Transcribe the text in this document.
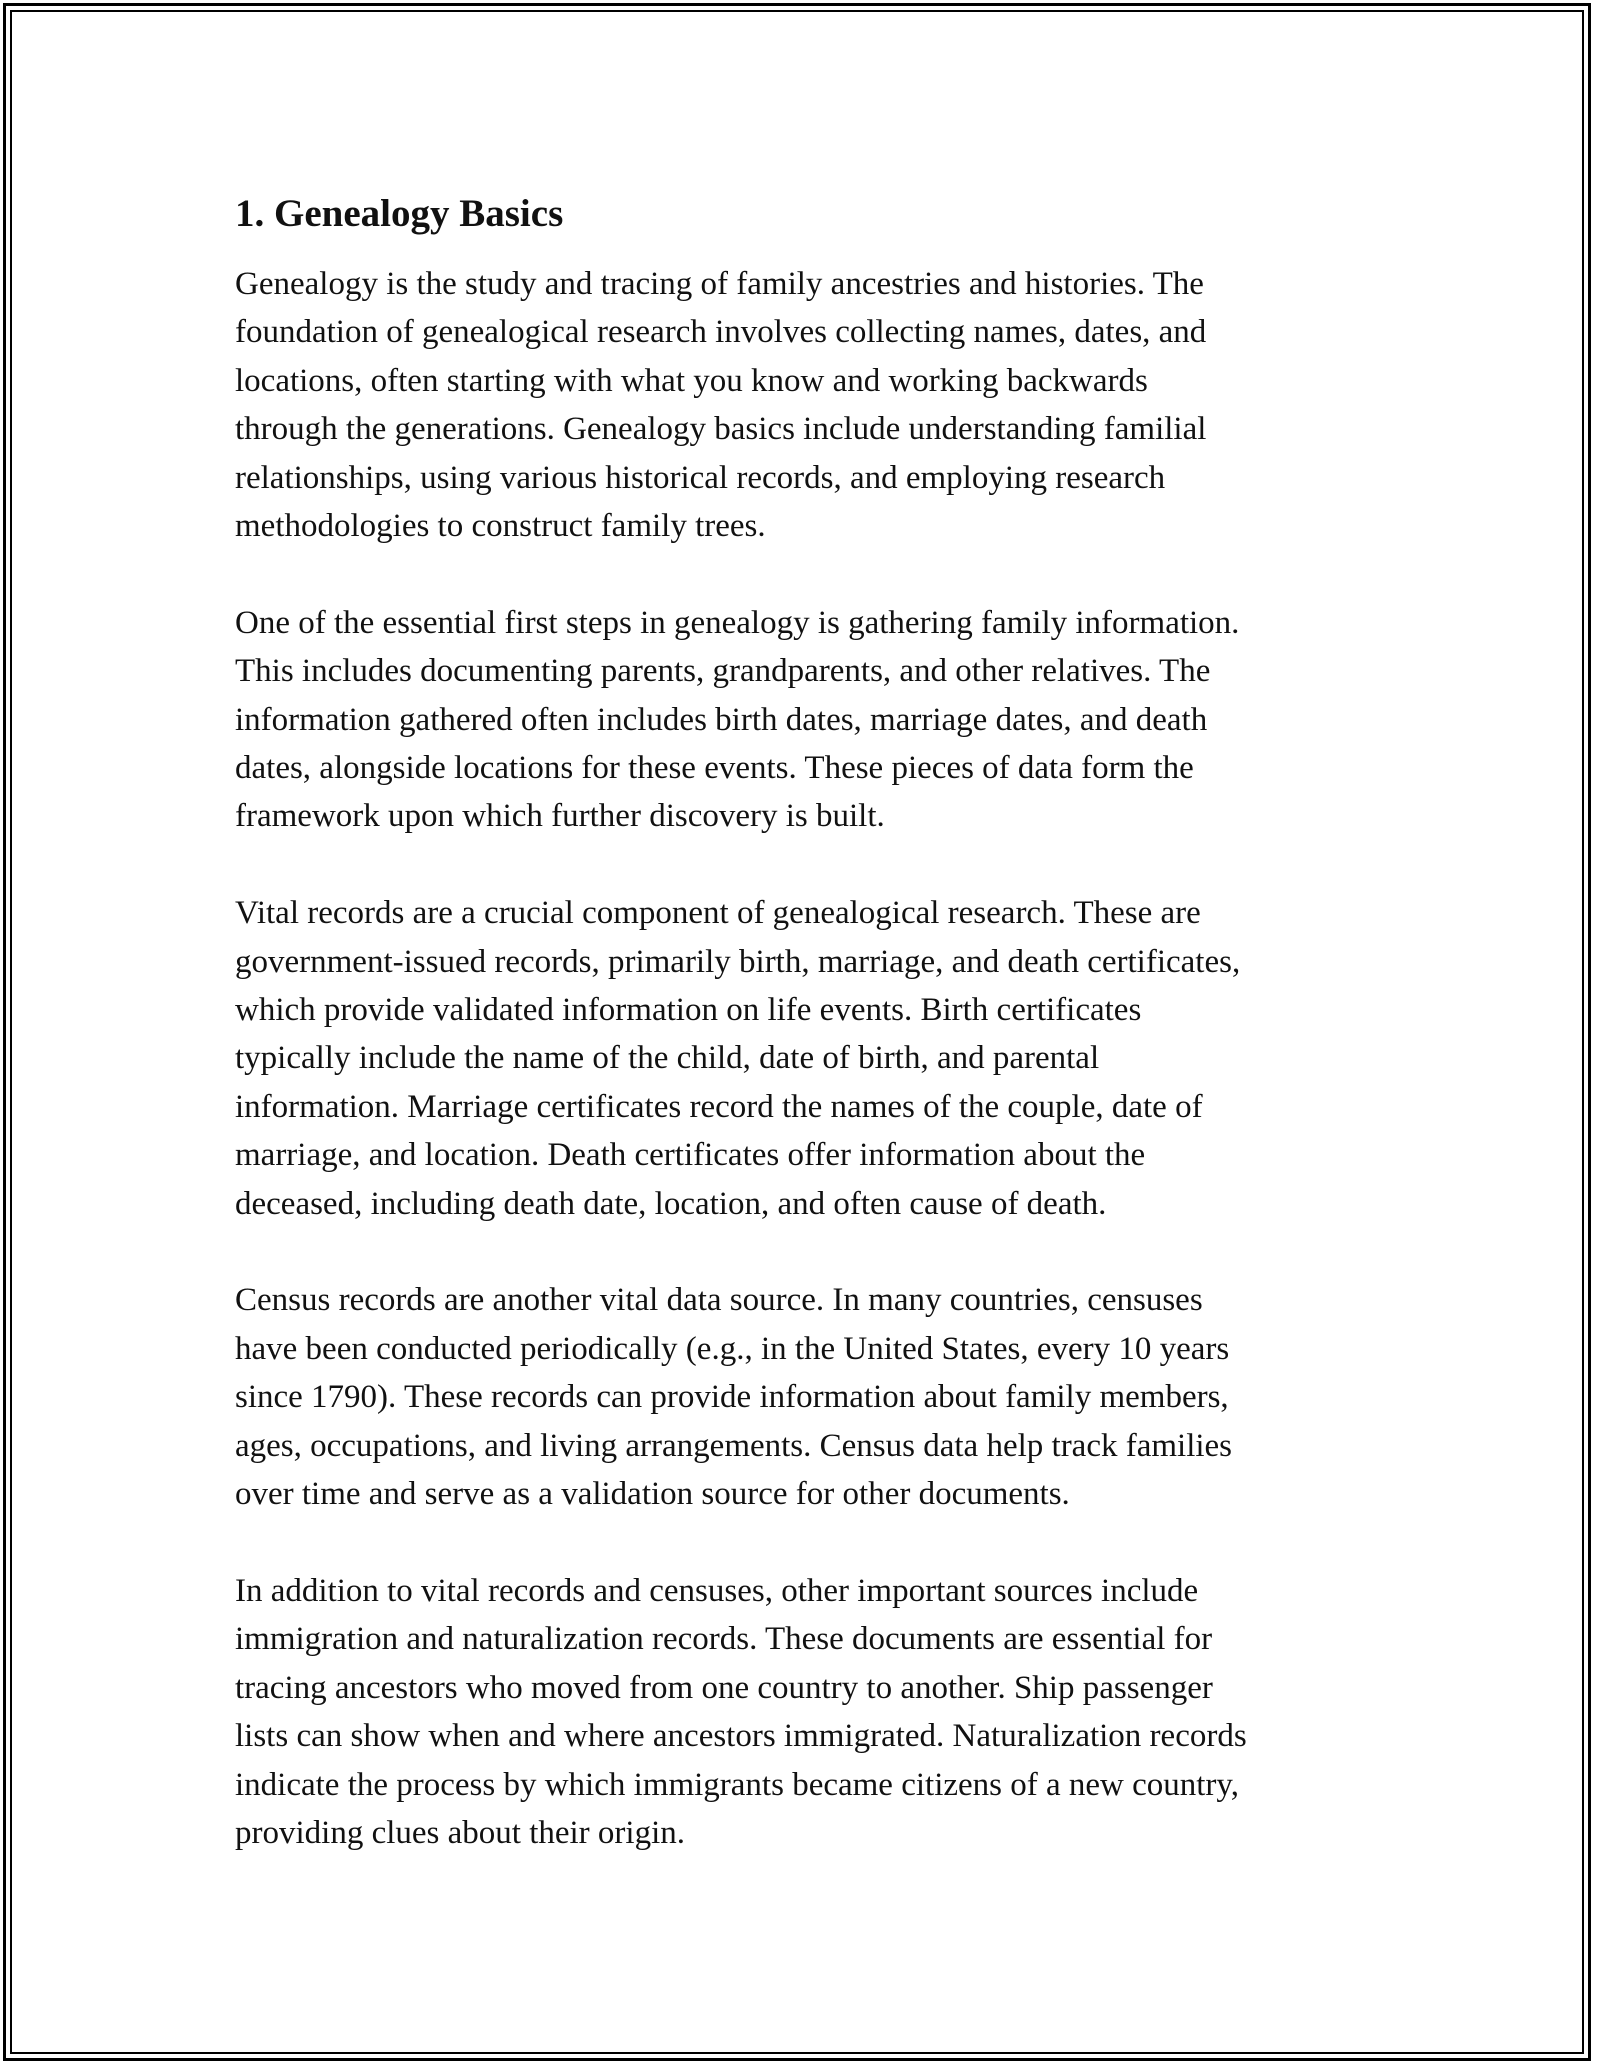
1. Genealogy Basics

Genealogy is the study and tracing of family ancestries and histories. The
foundation of genealogical research involves collecting names, dates, and
locations, often starting with what you know and working backwards
through the generations. Genealogy basics include understanding familial
relationships, using various historical records, and employing research
methodologies to construct family trees.

One of the essential first steps in genealogy is gathering family information.
This includes documenting parents, grandparents, and other relatives. The
information gathered often includes birth dates, marriage dates, and death
dates, alongside locations for these events. These pieces of data form the
framework upon which further discovery is built.

Vital records are a crucial component of genealogical research. These are
government-issued records, primarily birth, marriage, and death certificates,
which provide validated information on life events. Birth certificates
typically include the name of the child, date of birth, and parental
information. Marriage certificates record the names of the couple, date of
marriage, and location. Death certificates offer information about the
deceased, including death date, location, and often cause of death.

Census records are another vital data source. In many countries, censuses
have been conducted periodically (e.g., in the United States, every 10 years
since 1790). These records can provide information about family members,
ages, occupations, and living arrangements. Census data help track families
over time and serve as a validation source for other documents.

In addition to vital records and censuses, other important sources include
immigration and naturalization records. These documents are essential for
tracing ancestors who moved from one country to another. Ship passenger
lists can show when and where ancestors immigrated. Naturalization records
indicate the process by which immigrants became citizens of a new country,
providing clues about their origin.
